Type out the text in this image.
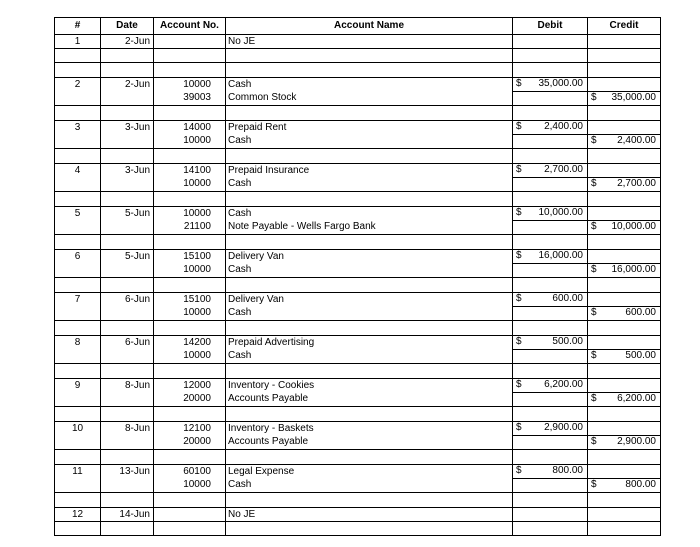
#	Date	Account No.	Account Name	Debit	Credit
1	2-Jun		No JE		

2	2-Jun	10000	Cash	$ 35,000.00	

		39003	Common Stock		$ 35,000.00

3	3-Jun	14000	Prepaid Rent	$ 2,400.00	

		10000	Cash		$ 2,400.00

4	3-Jun	14100	Prepaid Insurance	$ 2,700.00	

		10000	Cash		$ 2,700.00

5	5-Jun	10000	Cash	$ 10,000.00	

		21100	Note Payable - Wells Fargo Bank		$ 10,000.00

6	5-Jun	15100	Delivery Van	$ 16,000.00	

		10000	Cash		$ 16,000.00

7	6-Jun	15100	Delivery Van	$ 600.00	

		10000	Cash		$ 600.00

8	6-Jun	14200	Prepaid Advertising	$ 500.00	

		10000	Cash		$ 500.00

9	8-Jun	12000	Inventory - Cookies	$ 6,200.00	

		20000	Accounts Payable		$ 6,200.00

10	8-Jun	12100	Inventory - Baskets	$ 2,900.00	

		20000	Accounts Payable		$ 2,900.00

11	13-Jun	60100	Legal Expense	$ 800.00	

		10000	Cash		$ 800.00

12	14-Jun		No JE		
